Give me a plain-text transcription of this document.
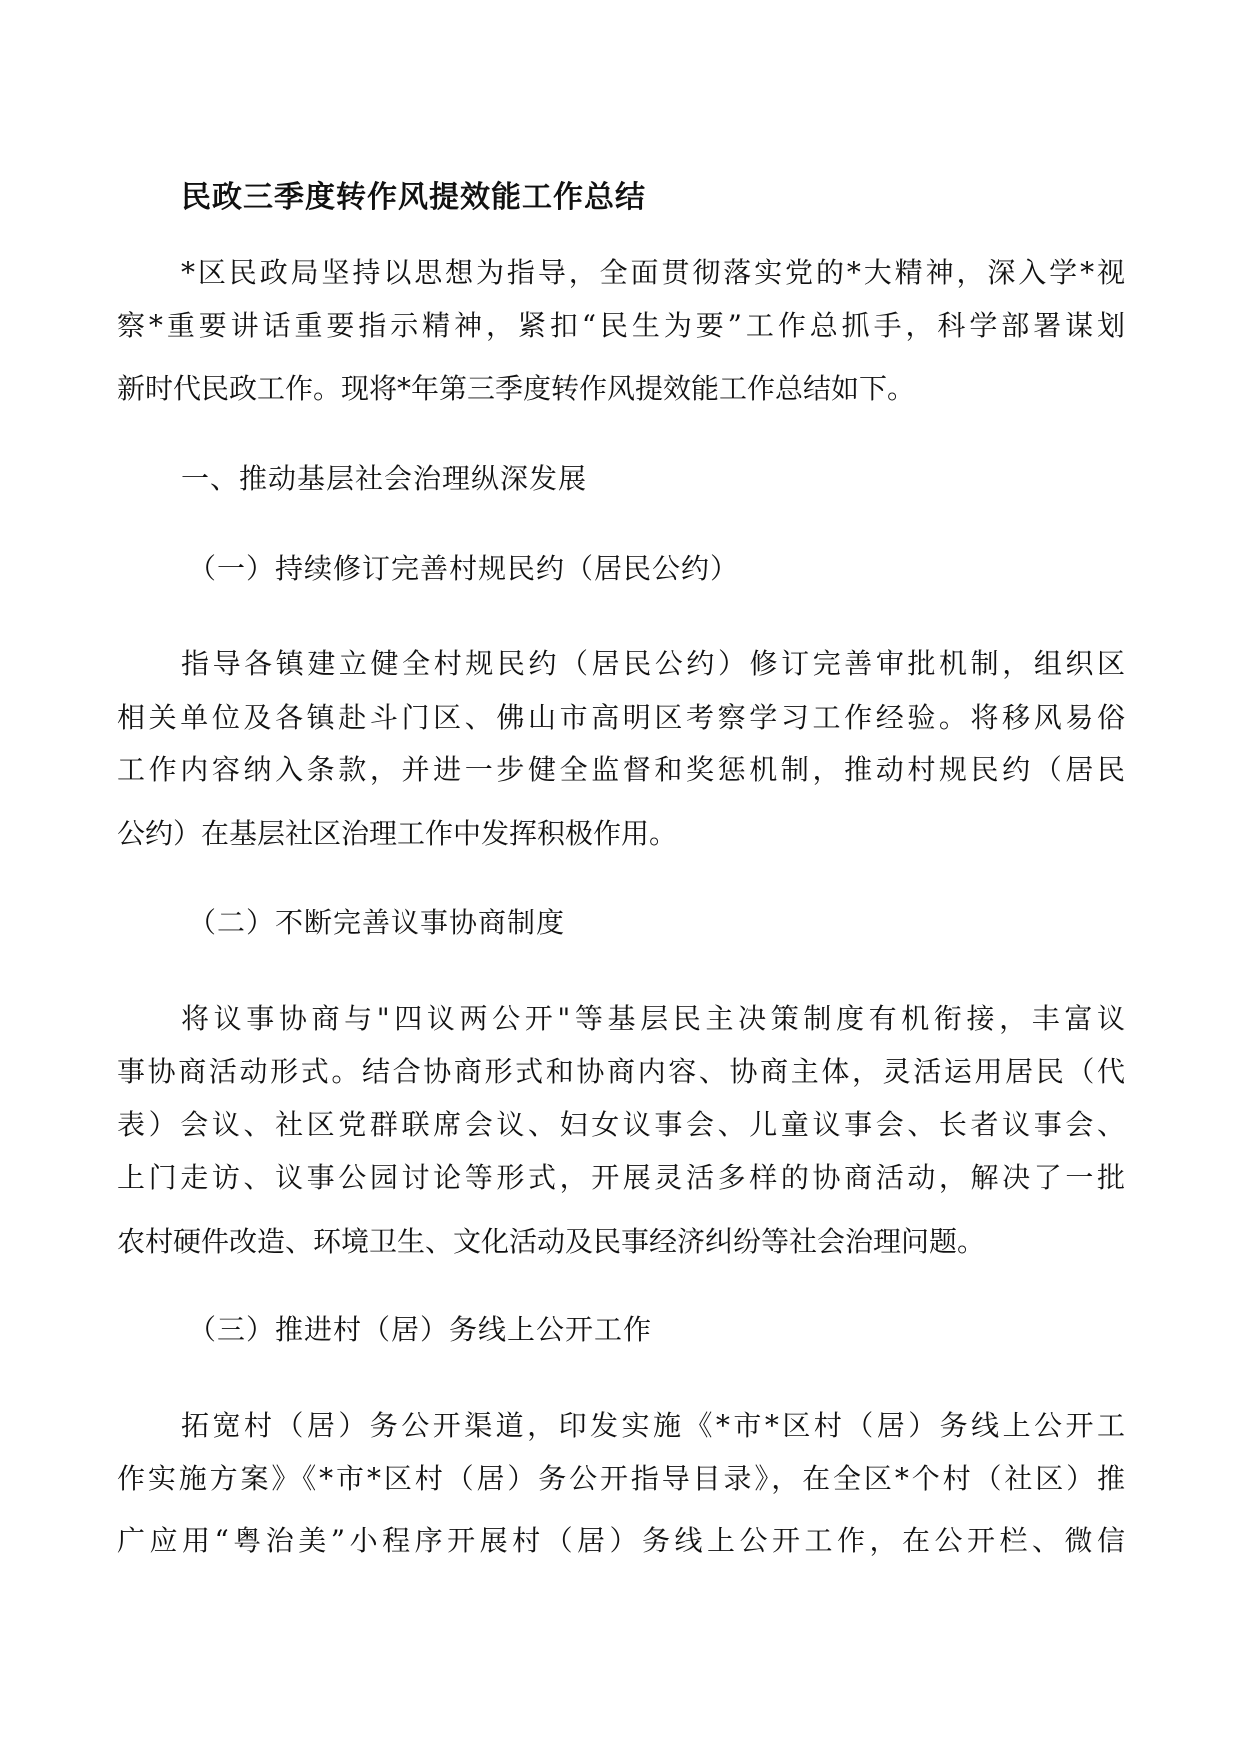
民政三季度转作风提效能工作总结
*区民政局坚持以思想为指导，全面贯彻落实党的*大精神，深入学*视
察*重要讲话重要指示精神，紧扣“民生为要”工作总抓手，科学部署谋划
新时代民政工作。现将*年第三季度转作风提效能工作总结如下。
一、推动基层社会治理纵深发展
（一）持续修订完善村规民约（居民公约）
指导各镇建立健全村规民约（居民公约）修订完善审批机制，组织区
相关单位及各镇赴斗门区、佛山市高明区考察学习工作经验。将移风易俗
工作内容纳入条款，并进一步健全监督和奖惩机制，推动村规民约（居民
公约）在基层社区治理工作中发挥积极作用。
（二）不断完善议事协商制度
将议事协商与"四议两公开"等基层民主决策制度有机衔接，丰富议
事协商活动形式。结合协商形式和协商内容、协商主体，灵活运用居民（代
表）会议、社区党群联席会议、妇女议事会、儿童议事会、长者议事会、
上门走访、议事公园讨论等形式，开展灵活多样的协商活动，解决了一批
农村硬件改造、环境卫生、文化活动及民事经济纠纷等社会治理问题。
（三）推进村（居）务线上公开工作
拓宽村（居）务公开渠道，印发实施《*市*区村（居）务线上公开工
作实施方案》《*市*区村（居）务公开指导目录》，在全区*个村（社区）推
广应用“粤治美”小程序开展村（居）务线上公开工作，在公开栏、微信
